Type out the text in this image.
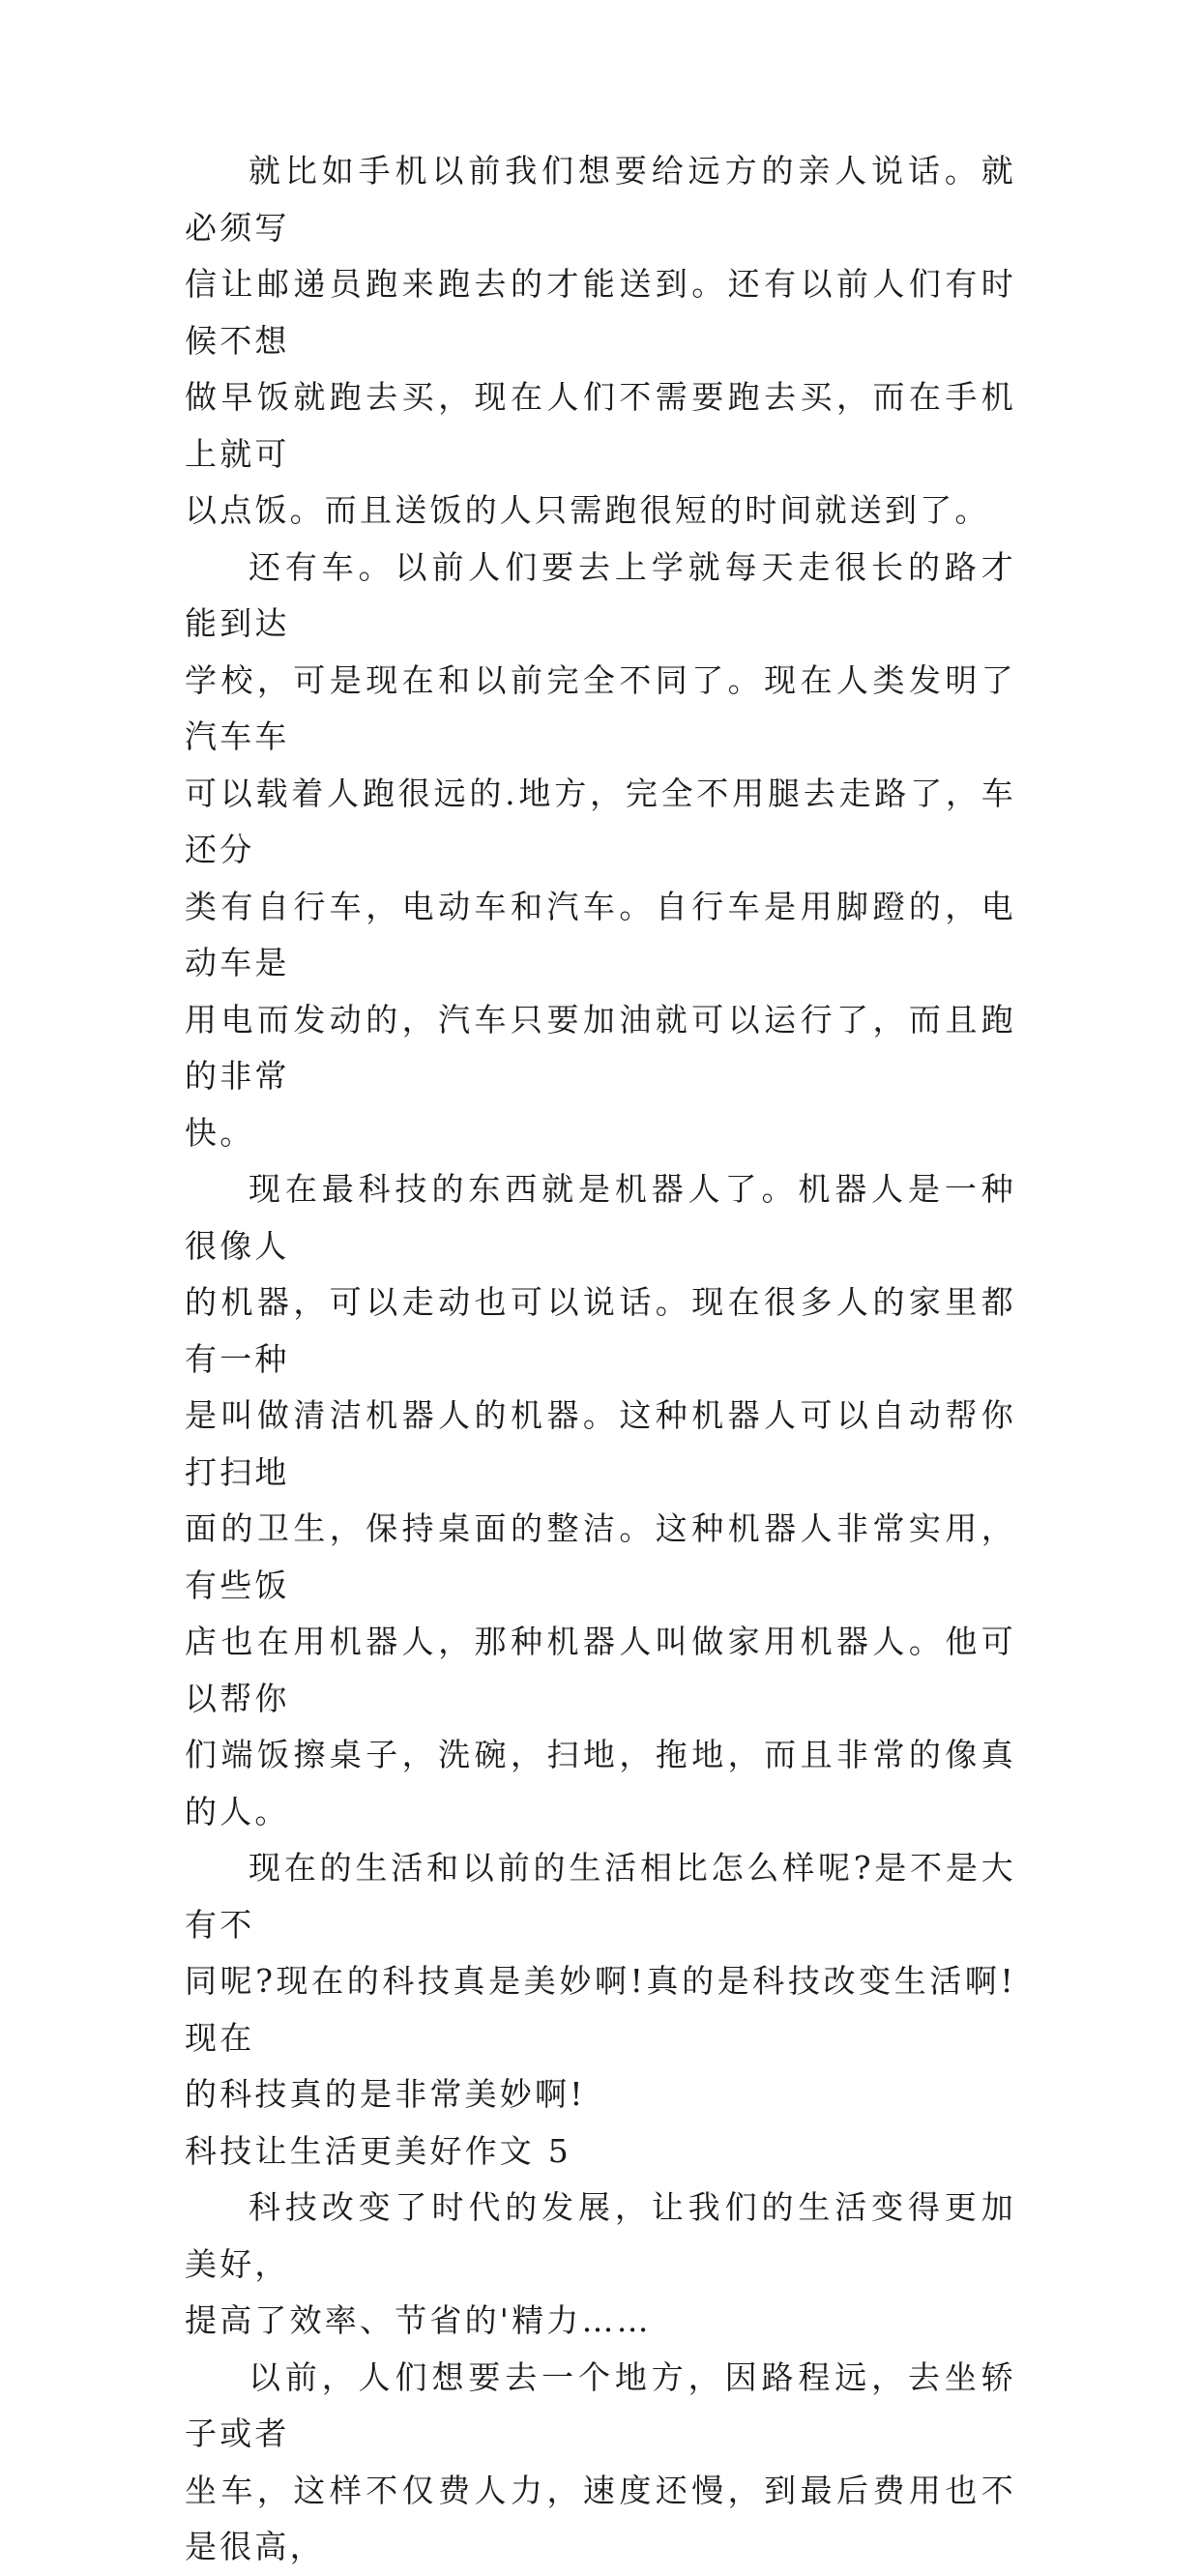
就比如手机以前我们想要给远方的亲人说话。就必须写
信让邮递员跑来跑去的才能送到。还有以前人们有时候不想
做早饭就跑去买，现在人们不需要跑去买，而在手机上就可
以点饭。而且送饭的人只需跑很短的时间就送到了。

还有车。以前人们要去上学就每天走很长的路才能到达
学校，可是现在和以前完全不同了。现在人类发明了汽车车
可以载着人跑很远的.地方，完全不用腿去走路了，车还分
类有自行车，电动车和汽车。自行车是用脚蹬的，电动车是
用电而发动的，汽车只要加油就可以运行了，而且跑的非常
快。

现在最科技的东西就是机器人了。机器人是一种很像人
的机器，可以走动也可以说话。现在很多人的家里都有一种
是叫做清洁机器人的机器。这种机器人可以自动帮你打扫地
面的卫生，保持桌面的整洁。这种机器人非常实用，有些饭
店也在用机器人，那种机器人叫做家用机器人。他可以帮你
们端饭擦桌子，洗碗，扫地，拖地，而且非常的像真的人。

现在的生活和以前的生活相比怎么样呢?是不是大有不
同呢?现在的科技真是美妙啊!真的是科技改变生活啊!现在
的科技真的是非常美妙啊!

科技让生活更美好作文 5

科技改变了时代的发展，让我们的生活变得更加美好，
提高了效率、节省的'精力……

以前，人们想要去一个地方，因路程远，去坐轿子或者
坐车，这样不仅费人力，速度还慢，到最后费用也不是很高，
